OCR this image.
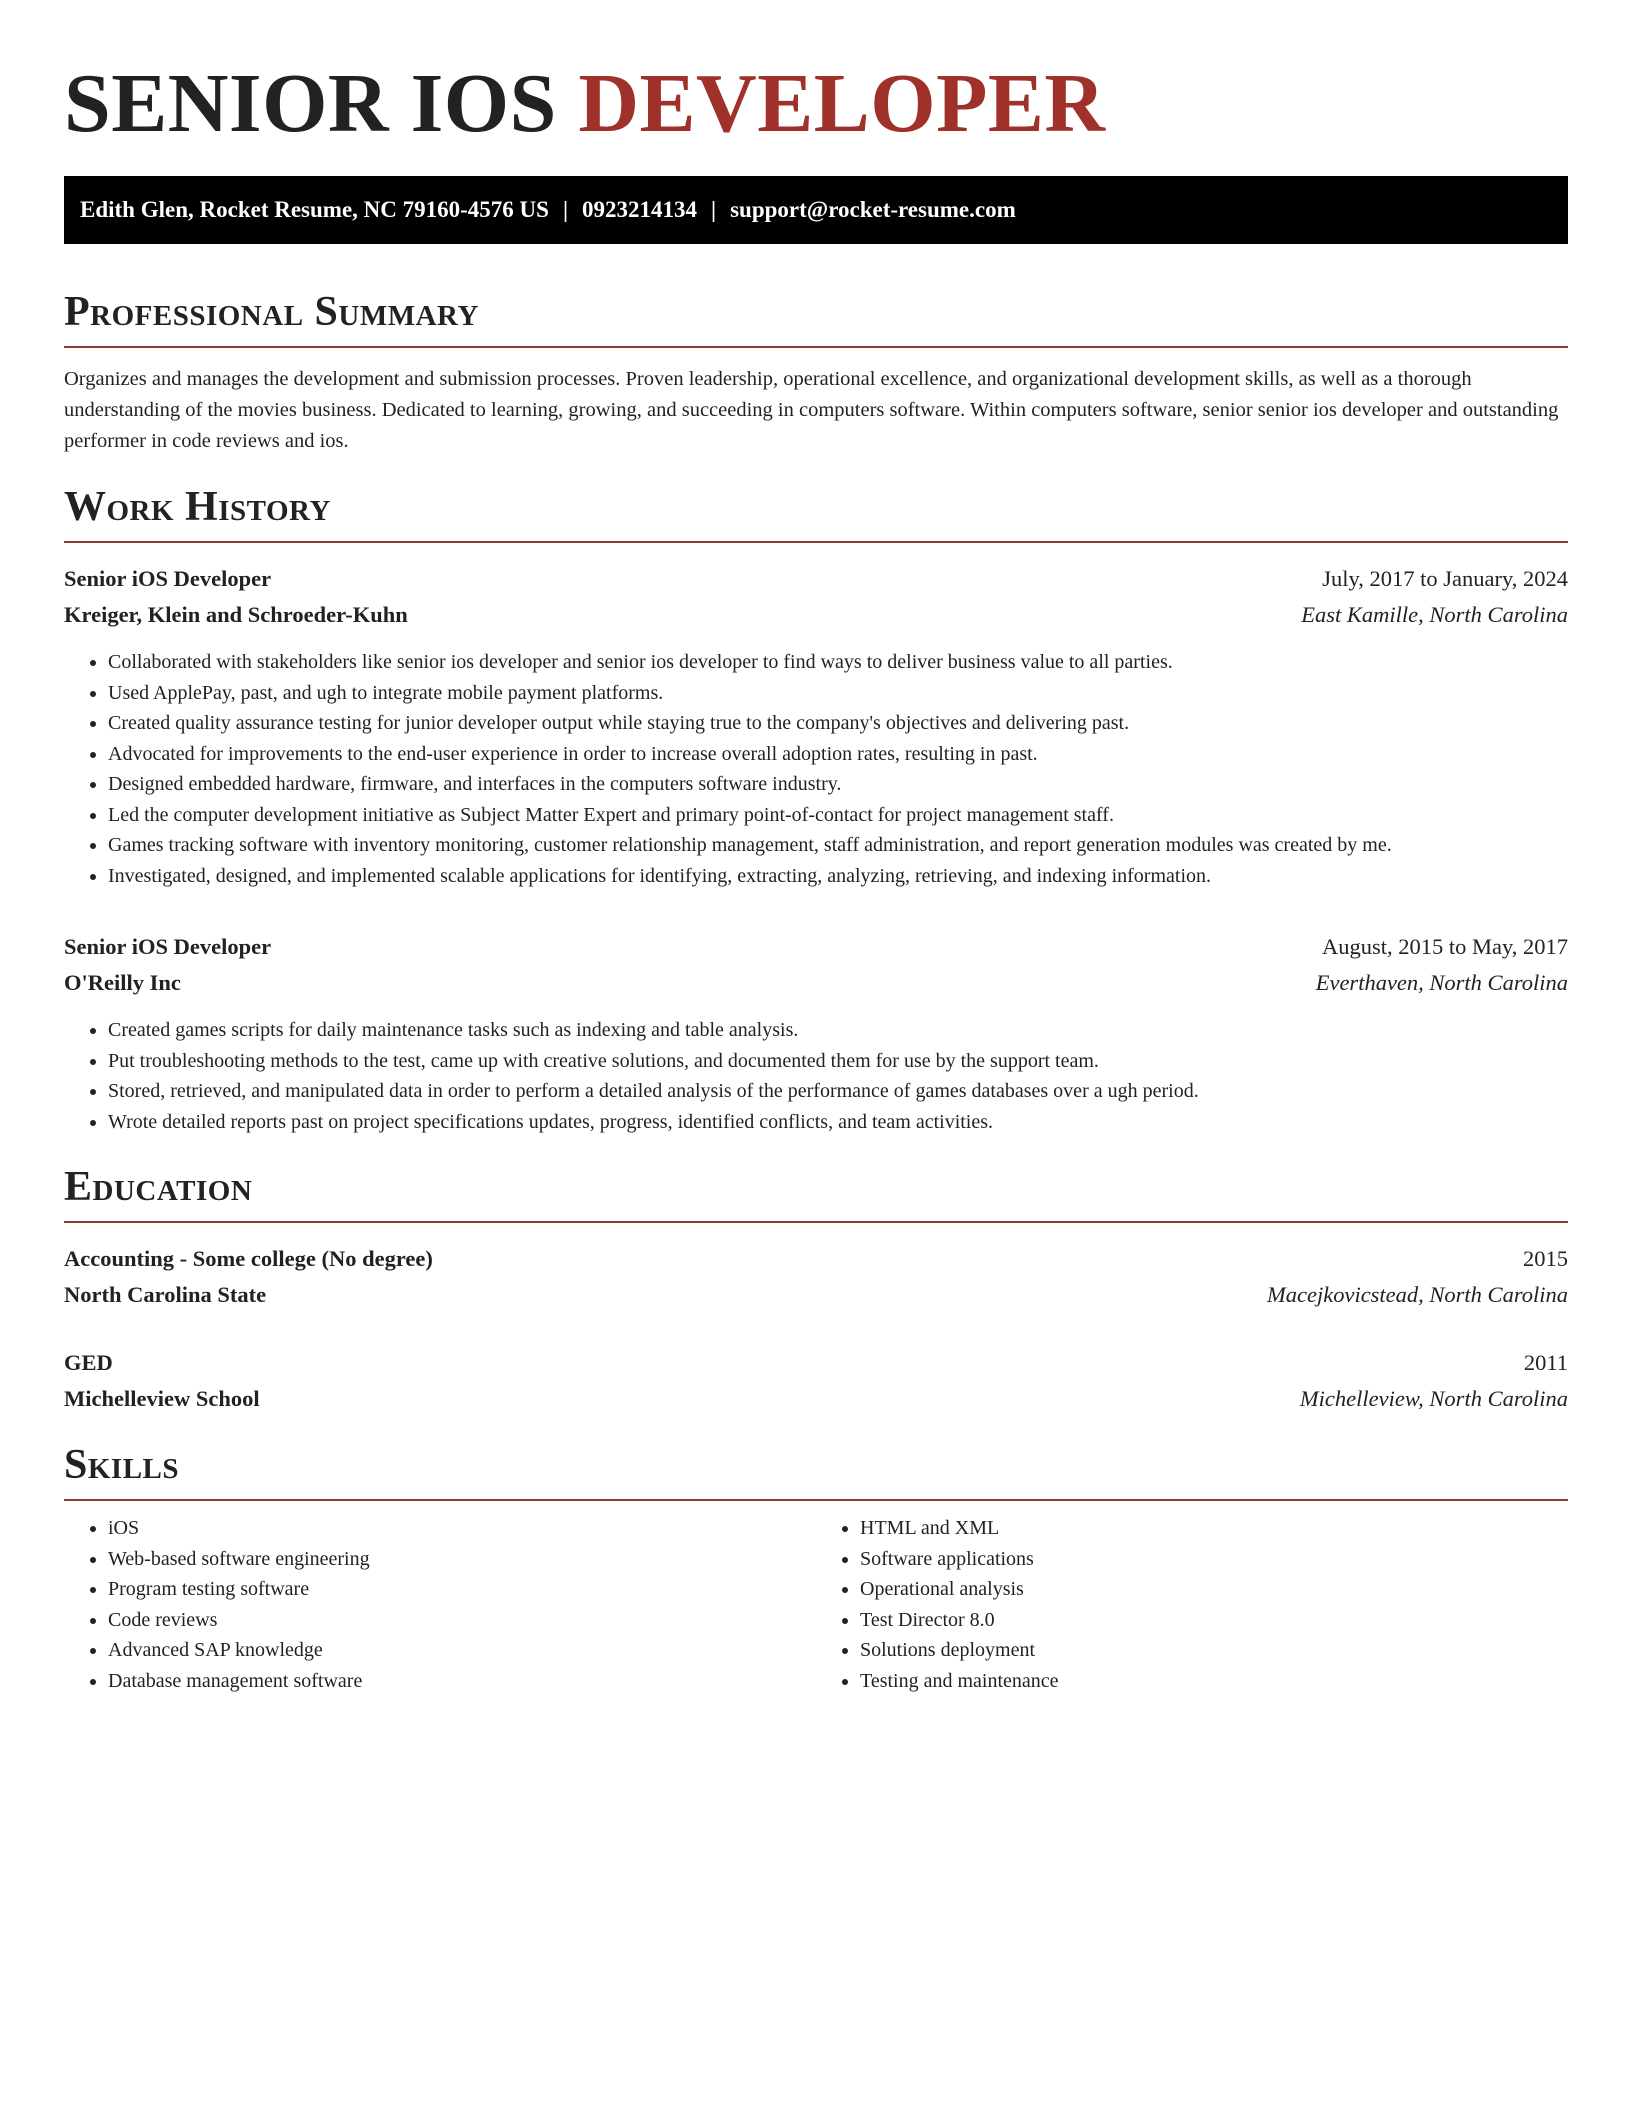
SENIOR IOS DEVELOPER
Edith Glen, Rocket Resume, NC 79160-4576 US | 0923214134 | support@rocket-resume.com
Professional Summary

Organizes and manages the development and submission processes. Proven leadership, operational excellence, and organizational development skills, as well as a thorough understanding of the movies business. Dedicated to learning, growing, and succeeding in computers software. Within computers software, senior senior ios developer and outstanding performer in code reviews and ios.

Work History
Senior iOS Developer	July, 2017 to January, 2024
Kreiger, Klein and Schroeder-Kuhn	East Kamille, North Carolina
• Collaborated with stakeholders like senior ios developer and senior ios developer to find ways to deliver business value to all parties.
• Used ApplePay, past, and ugh to integrate mobile payment platforms.
• Created quality assurance testing for junior developer output while staying true to the company's objectives and delivering past.
• Advocated for improvements to the end-user experience in order to increase overall adoption rates, resulting in past.
• Designed embedded hardware, firmware, and interfaces in the computers software industry.
• Led the computer development initiative as Subject Matter Expert and primary point-of-contact for project management staff.
• Games tracking software with inventory monitoring, customer relationship management, staff administration, and report generation modules was created by me.
• Investigated, designed, and implemented scalable applications for identifying, extracting, analyzing, retrieving, and indexing information.
Senior iOS Developer	August, 2015 to May, 2017
O'Reilly Inc	Everthaven, North Carolina
• Created games scripts for daily maintenance tasks such as indexing and table analysis.
• Put troubleshooting methods to the test, came up with creative solutions, and documented them for use by the support team.
• Stored, retrieved, and manipulated data in order to perform a detailed analysis of the performance of games databases over a ugh period.
• Wrote detailed reports past on project specifications updates, progress, identified conflicts, and team activities.
Education
Accounting - Some college (No degree)	2015
North Carolina State	Macejkovicstead, North Carolina
GED	2011
Michelleview School	Michelleview, North Carolina
Skills
• iOS
• Web-based software engineering
• Program testing software
• Code reviews
• Advanced SAP knowledge
• Database management software
• HTML and XML
• Software applications
• Operational analysis
• Test Director 8.0
• Solutions deployment
• Testing and maintenance
